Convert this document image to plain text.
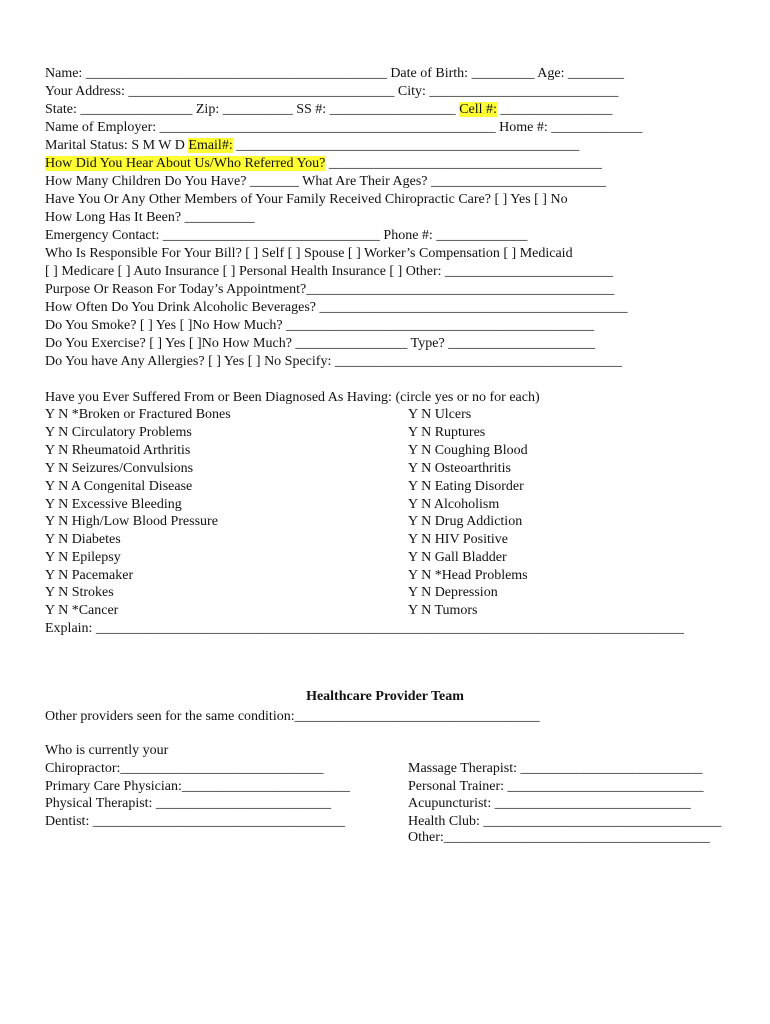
Name: ___________________________________________ Date of Birth: _________ Age: ________
Your Address: ______________________________________ City: ___________________________
State: ________________ Zip: __________ SS #: __________________ Cell #: ________________
Name of Employer: ________________________________________________ Home #: _____________
Marital Status: S M W D Email#: _________________________________________________
How Did You Hear About Us/Who Referred You? _______________________________________
How Many Children Do You Have? _______ What Are Their Ages? _________________________
Have You Or Any Other Members of Your Family Received Chiropractic Care? [ ] Yes [ ] No
How Long Has It Been? __________
Emergency Contact: _______________________________ Phone #: _____________
Who Is Responsible For Your Bill? [ ] Self [ ] Spouse [ ] Worker’s Compensation [ ] Medicaid
[ ] Medicare [ ] Auto Insurance [ ] Personal Health Insurance [ ] Other: ________________________
Purpose Or Reason For Today’s Appointment?____________________________________________
How Often Do You Drink Alcoholic Beverages? ____________________________________________
Do You Smoke? [ ] Yes [ ]No How Much? ____________________________________________
Do You Exercise? [ ] Yes [ ]No How Much? ________________ Type? _____________________
Do You have Any Allergies? [ ] Yes [ ] No Specify: _________________________________________
Have you Ever Suffered From or Been Diagnosed As Having: (circle yes or no for each)
Y N *Broken or Fractured Bones
Y N Circulatory Problems
Y N Rheumatoid Arthritis
Y N Seizures/Convulsions
Y N A Congenital Disease
Y N Excessive Bleeding
Y N High/Low Blood Pressure
Y N Diabetes
Y N Epilepsy
Y N Pacemaker
Y N Strokes
Y N *Cancer
Y N Ulcers
Y N Ruptures
Y N Coughing Blood
Y N Osteoarthritis
Y N Eating Disorder
Y N Alcoholism
Y N Drug Addiction
Y N HIV Positive
Y N Gall Bladder
Y N *Head Problems
Y N Depression
Y N Tumors
Explain: ____________________________________________________________________________________
Healthcare Provider Team
Other providers seen for the same condition:___________________________________
Who is currently your
Chiropractor:_____________________________
Primary Care Physician:________________________
Physical Therapist: _________________________
Dentist: ____________________________________
Massage Therapist: __________________________
Personal Trainer: ____________________________
Acupuncturist: ____________________________
Health Club: __________________________________
Other:______________________________________
